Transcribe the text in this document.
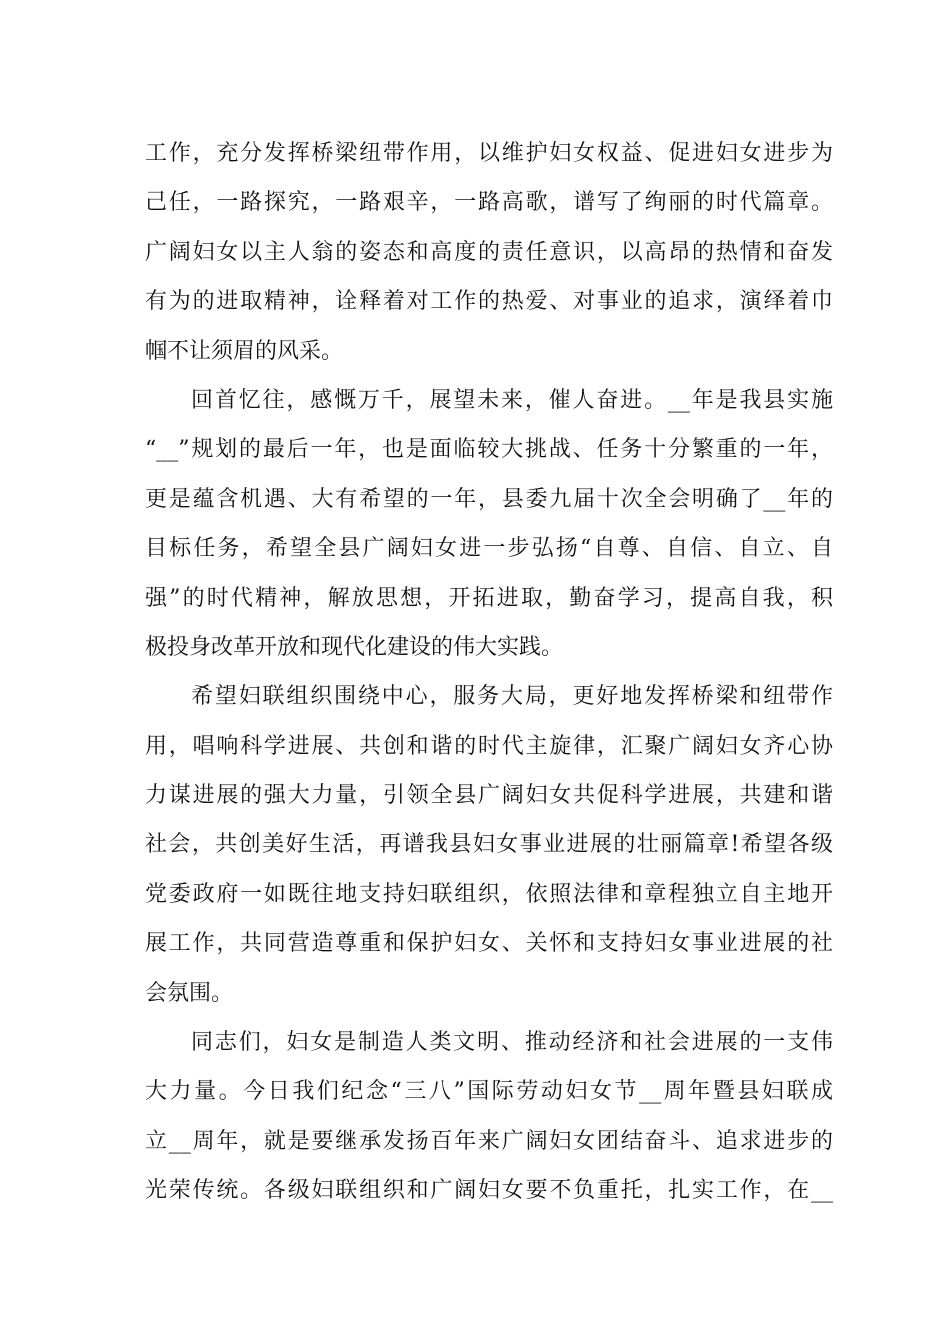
工作，充分发挥桥梁纽带作用，以维护妇女权益、促进妇女进步为
己任，一路探究，一路艰辛，一路高歌，谱写了绚丽的时代篇章。
广阔妇女以主人翁的姿态和高度的责任意识，以高昂的热情和奋发
有为的进取精神，诠释着对工作的热爱、对事业的追求，演绎着巾
帼不让须眉的风采。
回首忆往，感慨万千，展望未来，催人奋进。__年是我县实施
“__”规划的最后一年，也是面临较大挑战、任务十分繁重的一年，
更是蕴含机遇、大有希望的一年，县委九届十次全会明确了__年的
目标任务，希望全县广阔妇女进一步弘扬“自尊、自信、自立、自
强”的时代精神，解放思想，开拓进取，勤奋学习，提高自我，积
极投身改革开放和现代化建设的伟大实践。
希望妇联组织围绕中心，服务大局，更好地发挥桥梁和纽带作
用，唱响科学进展、共创和谐的时代主旋律，汇聚广阔妇女齐心协
力谋进展的强大力量，引领全县广阔妇女共促科学进展，共建和谐
社会，共创美好生活，再谱我县妇女事业进展的壮丽篇章!希望各级
党委政府一如既往地支持妇联组织，依照法律和章程独立自主地开
展工作，共同营造尊重和保护妇女、关怀和支持妇女事业进展的社
会氛围。
同志们，妇女是制造人类文明、推动经济和社会进展的一支伟
大力量。今日我们纪念“三八”国际劳动妇女节__周年暨县妇联成
立__周年，就是要继承发扬百年来广阔妇女团结奋斗、追求进步的
光荣传统。各级妇联组织和广阔妇女要不负重托，扎实工作，在__
